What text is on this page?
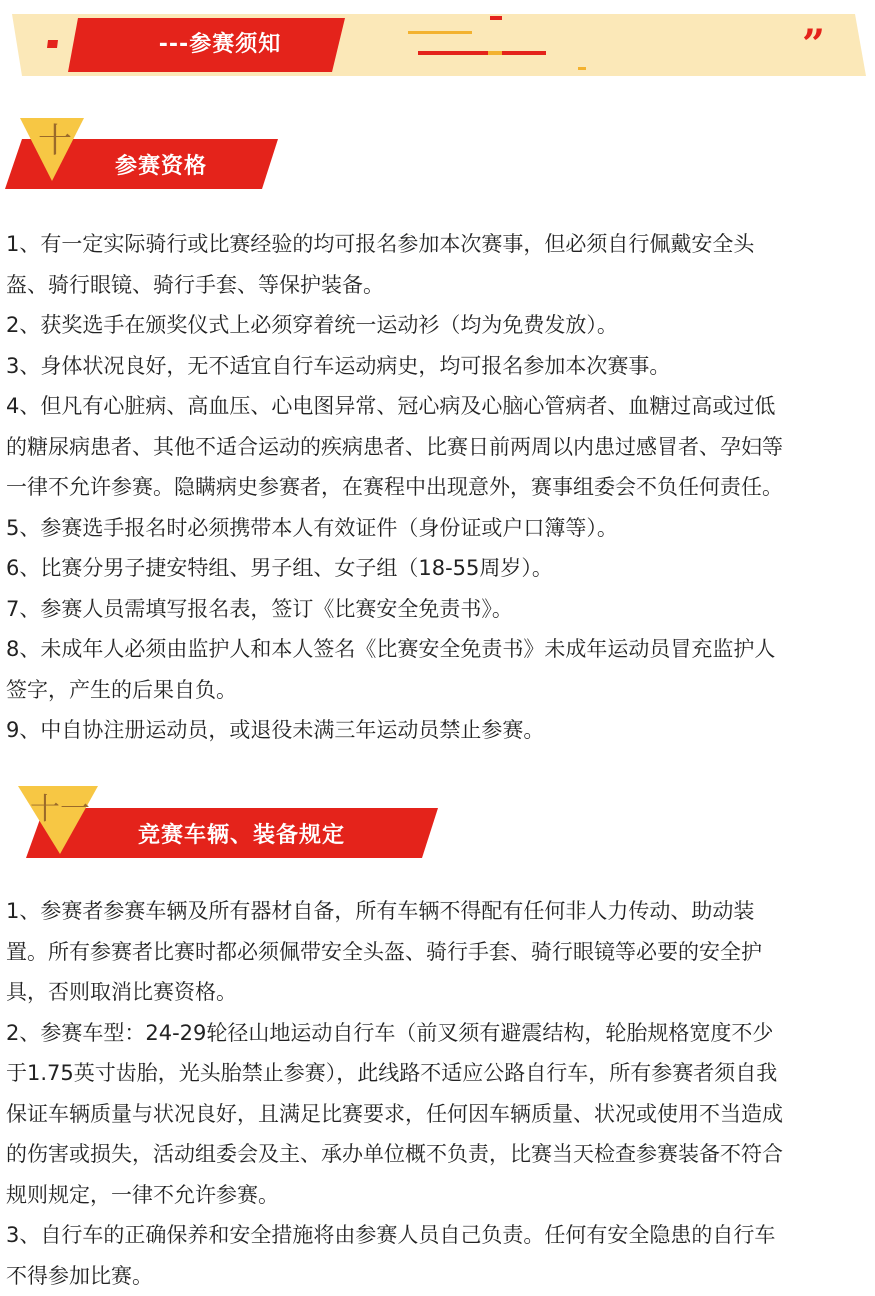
”
---参赛须知
十
参赛资格

1、有一定实际骑行或比赛经验的均可报名参加本次赛事，但必须自行佩戴安全头

盔、骑行眼镜、骑行手套、等保护装备。

2、获奖选手在颁奖仪式上必须穿着统一运动衫（均为免费发放）。

3、身体状况良好，无不适宜自行车运动病史，均可报名参加本次赛事。

4、但凡有心脏病、高血压、心电图异常、冠心病及心脑心管病者、血糖过高或过低

的糖尿病患者、其他不适合运动的疾病患者、比赛日前两周以内患过感冒者、孕妇等

一律不允许参赛。隐瞒病史参赛者，在赛程中出现意外，赛事组委会不负任何责任。

5、参赛选手报名时必须携带本人有效证件（身份证或户口簿等）。

6、比赛分男子捷安特组、男子组、女子组（18-55周岁）。

7、参赛人员需填写报名表，签订《比赛安全免责书》。

8、未成年人必须由监护人和本人签名《比赛安全免责书》未成年运动员冒充监护人

签字，产生的后果自负。

9、中自协注册运动员，或退役未满三年运动员禁止参赛。

十一
竞赛车辆、装备规定

1、参赛者参赛车辆及所有器材自备，所有车辆不得配有任何非人力传动、助动装

置。所有参赛者比赛时都必须佩带安全头盔、骑行手套、骑行眼镜等必要的安全护

具，否则取消比赛资格。

2、参赛车型：24-29轮径山地运动自行车（前叉须有避震结构，轮胎规格宽度不少

于1.75英寸齿胎，光头胎禁止参赛），此线路不适应公路自行车，所有参赛者须自我

保证车辆质量与状况良好，且满足比赛要求，任何因车辆质量、状况或使用不当造成

的伤害或损失，活动组委会及主、承办单位概不负责，比赛当天检查参赛装备不符合

规则规定，一律不允许参赛。

3、自行车的正确保养和安全措施将由参赛人员自己负责。任何有安全隐患的自行车

不得参加比赛。
